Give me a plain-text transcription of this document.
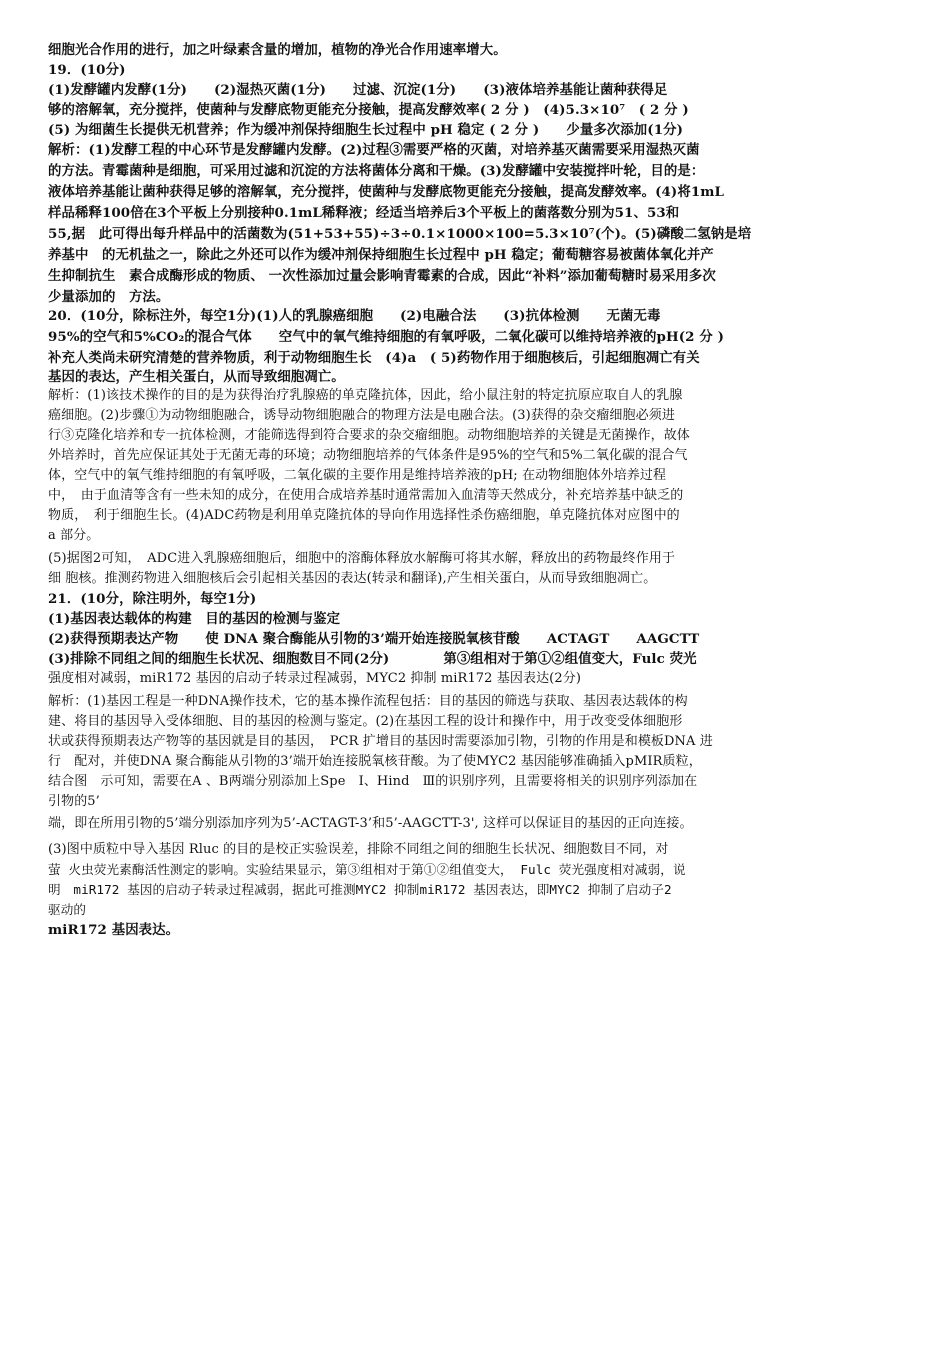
细胞光合作用的进行，加之叶绿素含量的增加，植物的净光合作用速率增大。
19．(10分)
(1)发酵罐内发酵(1分)　　(2)湿热灭菌(1分)　　过滤、沉淀(1分)　　(3)液体培养基能让菌种获得足
够的溶解氧，充分搅拌，使菌种与发酵底物更能充分接触，提高发酵效率( 2 分 )　(4)5.3×10⁷　( 2 分 )
(5) 为细菌生长提供无机营养；作为缓冲剂保持细胞生长过程中 pH 稳定 ( 2 分 )　　少量多次添加(1分)
解析：(1)发酵工程的中心环节是发酵罐内发酵。(2)过程③需要严格的灭菌，对培养基灭菌需要采用湿热灭菌
的方法。青霉菌种是细胞，可采用过滤和沉淀的方法将菌体分离和干燥。(3)发酵罐中安装搅拌叶轮，目的是：
液体培养基能让菌种获得足够的溶解氧，充分搅拌，使菌种与发酵底物更能充分接触，提高发酵效率。(4)将1mL
样品稀释100倍在3个平板上分别接种0.1mL稀释液；经适当培养后3个平板上的菌落数分别为51、53和
55,据　此可得出每升样品中的活菌数为(51+53+55)÷3÷0.1×1000×100=5.3×10⁷(个)。(5)磷酸二氢钠是培
养基中　的无机盐之一，除此之外还可以作为缓冲剂保持细胞生长过程中 pH 稳定；葡萄糖容易被菌体氧化并产
生抑制抗生　素合成酶形成的物质、 一次性添加过量会影响青霉素的合成，因此“补料”添加葡萄糖时易采用多次
少量添加的　方法。
20．(10分，除标注外，每空1分)(1)人的乳腺癌细胞　　(2)电融合法　　(3)抗体检测　　无菌无毒
95%的空气和5%CO₂的混合气体　　空气中的氧气维持细胞的有氧呼吸，二氧化碳可以维持培养液的pH(2 分 )
补充人类尚未研究清楚的营养物质，利于动物细胞生长　(4)a　( 5)药物作用于细胞核后，引起细胞凋亡有关
基因的表达，产生相关蛋白，从而导致细胞凋亡。
解析：(1)该技术操作的目的是为获得治疗乳腺癌的单克隆抗体，因此，给小鼠注射的特定抗原应取自人的乳腺
癌细胞。(2)步骤①为动物细胞融合，诱导动物细胞融合的物理方法是电融合法。(3)获得的杂交瘤细胞必须进
行③克隆化培养和专一抗体检测，才能筛选得到符合要求的杂交瘤细胞。动物细胞培养的关键是无菌操作，故体
外培养时，首先应保证其处于无菌无毒的环境；动物细胞培养的气体条件是95%的空气和5%二氧化碳的混合气
体，空气中的氧气维持细胞的有氧呼吸，二氧化碳的主要作用是维持培养液的pH; 在动物细胞体外培养过程
中，　由于血清等含有一些未知的成分，在使用合成培养基时通常需加入血清等天然成分，补充培养基中缺乏的
物质，　利于细胞生长。(4)ADC药物是利用单克隆抗体的导向作用选择性杀伤癌细胞，单克隆抗体对应图中的
a 部分。
(5)据图2可知，　ADC进入乳腺癌细胞后，细胞中的溶酶体释放水解酶可将其水解，释放出的药物最终作用于
细 胞核。推测药物进入细胞核后会引起相关基因的表达(转录和翻译),产生相关蛋白，从而导致细胞凋亡。
21．(10分，除注明外，每空1分)
(1)基因表达载体的构建　目的基因的检测与鉴定
(2)获得预期表达产物　　使 DNA 聚合酶能从引物的3’端开始连接脱氧核苷酸　　ACTAGT　　AAGCTT
(3)排除不同组之间的细胞生长状况、细胞数目不同(2分)　　　　第③组相对于第①②组值变大，Fulc 荧光
强度相对减弱，miR172 基因的启动子转录过程减弱，MYC2 抑制 miR172 基因表达(2分)
解析：(1)基因工程是一种DNA操作技术，它的基本操作流程包括：目的基因的筛选与获取、基因表达载体的构
建、将目的基因导入受体细胞、目的基因的检测与鉴定。(2)在基因工程的设计和操作中，用于改变受体细胞形
状或获得预期表达产物等的基因就是目的基因，　PCR 扩增目的基因时需要添加引物，引物的作用是和模板DNA 进
行　配对，并使DNA 聚合酶能从引物的3’端开始连接脱氧核苷酸。为了使MYC2 基因能够准确插入pMIR质粒，
结合图　示可知，需要在A 、B两端分别添加上Spe　Ⅰ、Hind　Ⅲ的识别序列，且需要将相关的识别序列添加在
引物的5’
端，即在所用引物的5’端分别添加序列为5’-ACTAGT-3’和5’-AAGCTT-3', 这样可以保证目的基因的正向连接。
(3)图中质粒中导入基因 Rluc 的目的是校正实验误差，排除不同组之间的细胞生长状况、细胞数目不同，对
萤 火虫荧光素酶活性测定的影响。实验结果显示，第③组相对于第①②组值变大， Fulc 荧光强度相对减弱，说
明　miR172 基因的启动子转录过程减弱，据此可推测MYC2 抑制miR172 基因表达，即MYC2 抑制了启动子2
驱动的
miR172 基因表达。
